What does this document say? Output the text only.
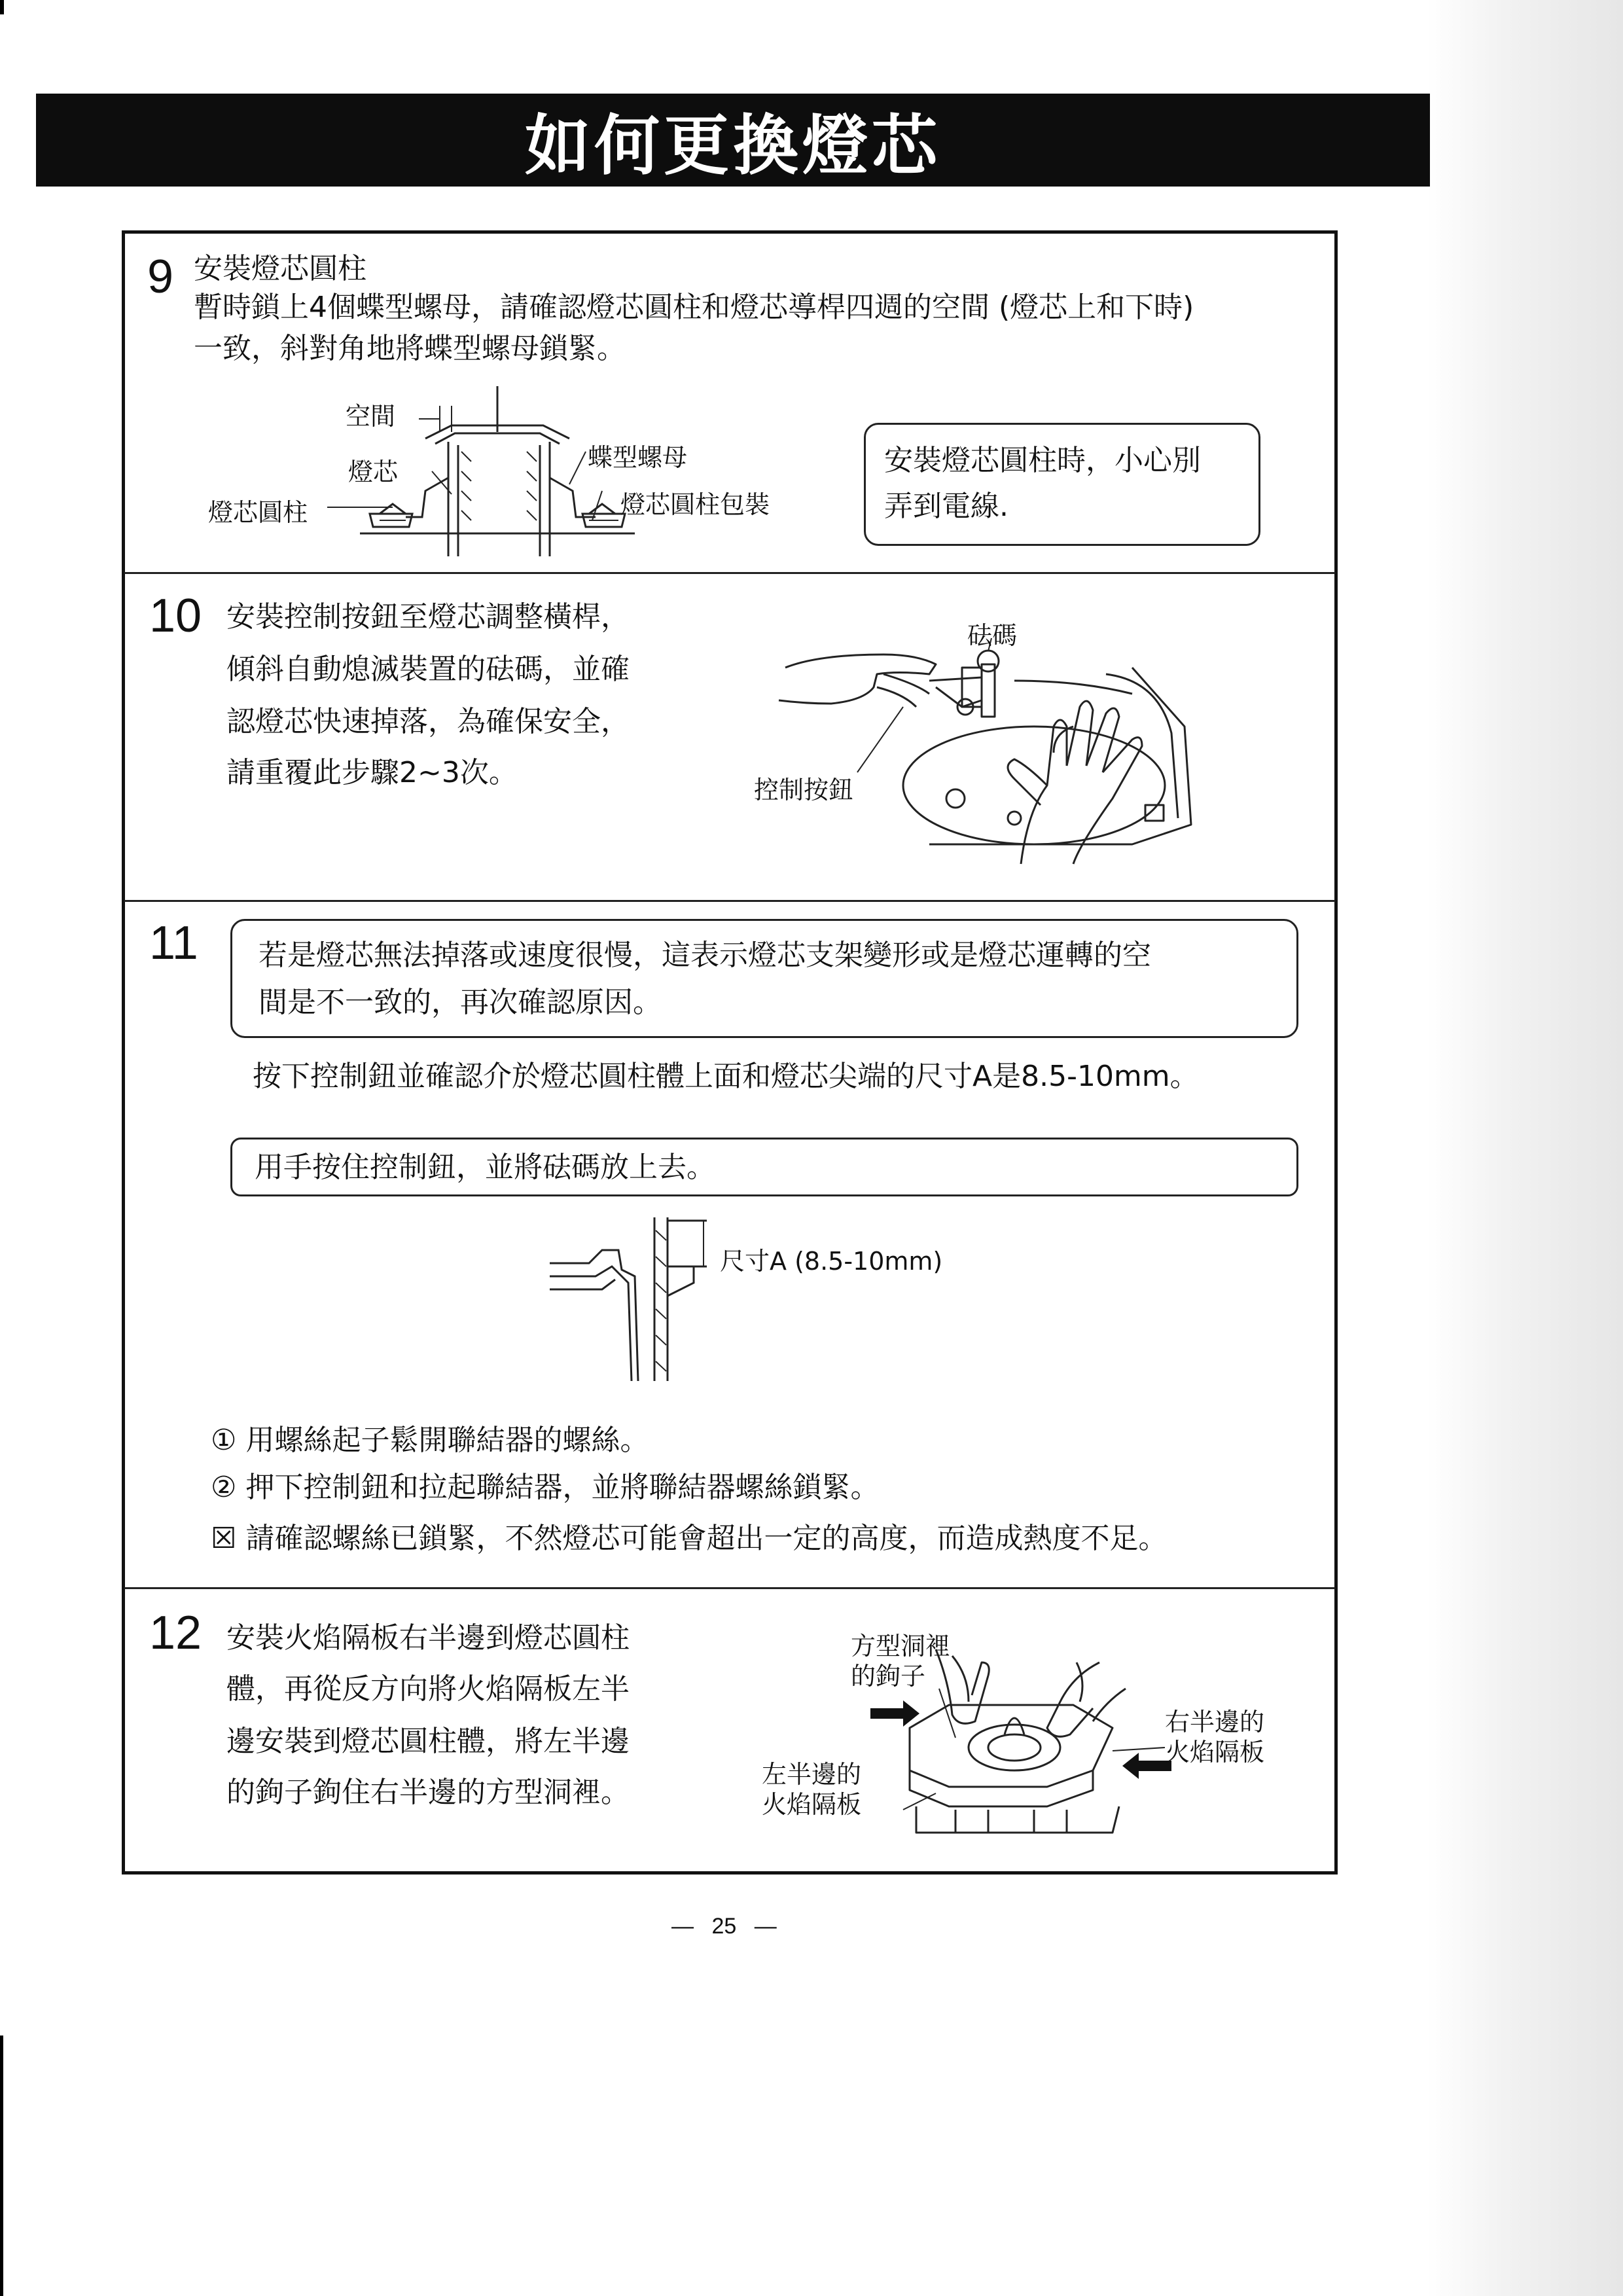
如何更換燈芯
9 安裝燈芯圓柱
暫時鎖上4個蝶型螺母，請確認燈芯圓柱和燈芯導桿四週的空間 (燈芯上和下時)
一致，斜對角地將蝶型螺母鎖緊。
空間
燈芯
燈芯圓柱
蝶型螺母
燈芯圓柱包裝
安裝燈芯圓柱時，小心別
弄到電線.
10 安裝控制按鈕至燈芯調整橫桿，
傾斜自動熄滅裝置的砝碼，並確
認燈芯快速掉落，為確保安全，
請重覆此步驟2~3次。
砝碼
控制按鈕
11 若是燈芯無法掉落或速度很慢，這表示燈芯支架變形或是燈芯運轉的空
間是不一致的，再次確認原因。
按下控制鈕並確認介於燈芯圓柱體上面和燈芯尖端的尺寸A是8.5-10mm。
用手按住控制鈕，並將砝碼放上去。
尺寸A (8.5-10mm)
① 用螺絲起子鬆開聯結器的螺絲。
② 押下控制鈕和拉起聯結器，並將聯結器螺絲鎖緊。
☒ 請確認螺絲已鎖緊，不然燈芯可能會超出一定的高度，而造成熱度不足。
12 安裝火焰隔板右半邊到燈芯圓柱
體，再從反方向將火焰隔板左半
邊安裝到燈芯圓柱體，將左半邊
的鉤子鉤住右半邊的方型洞裡。
方型洞裡
的鉤子
右半邊的
火焰隔板
左半邊的
火焰隔板
— 25 —
